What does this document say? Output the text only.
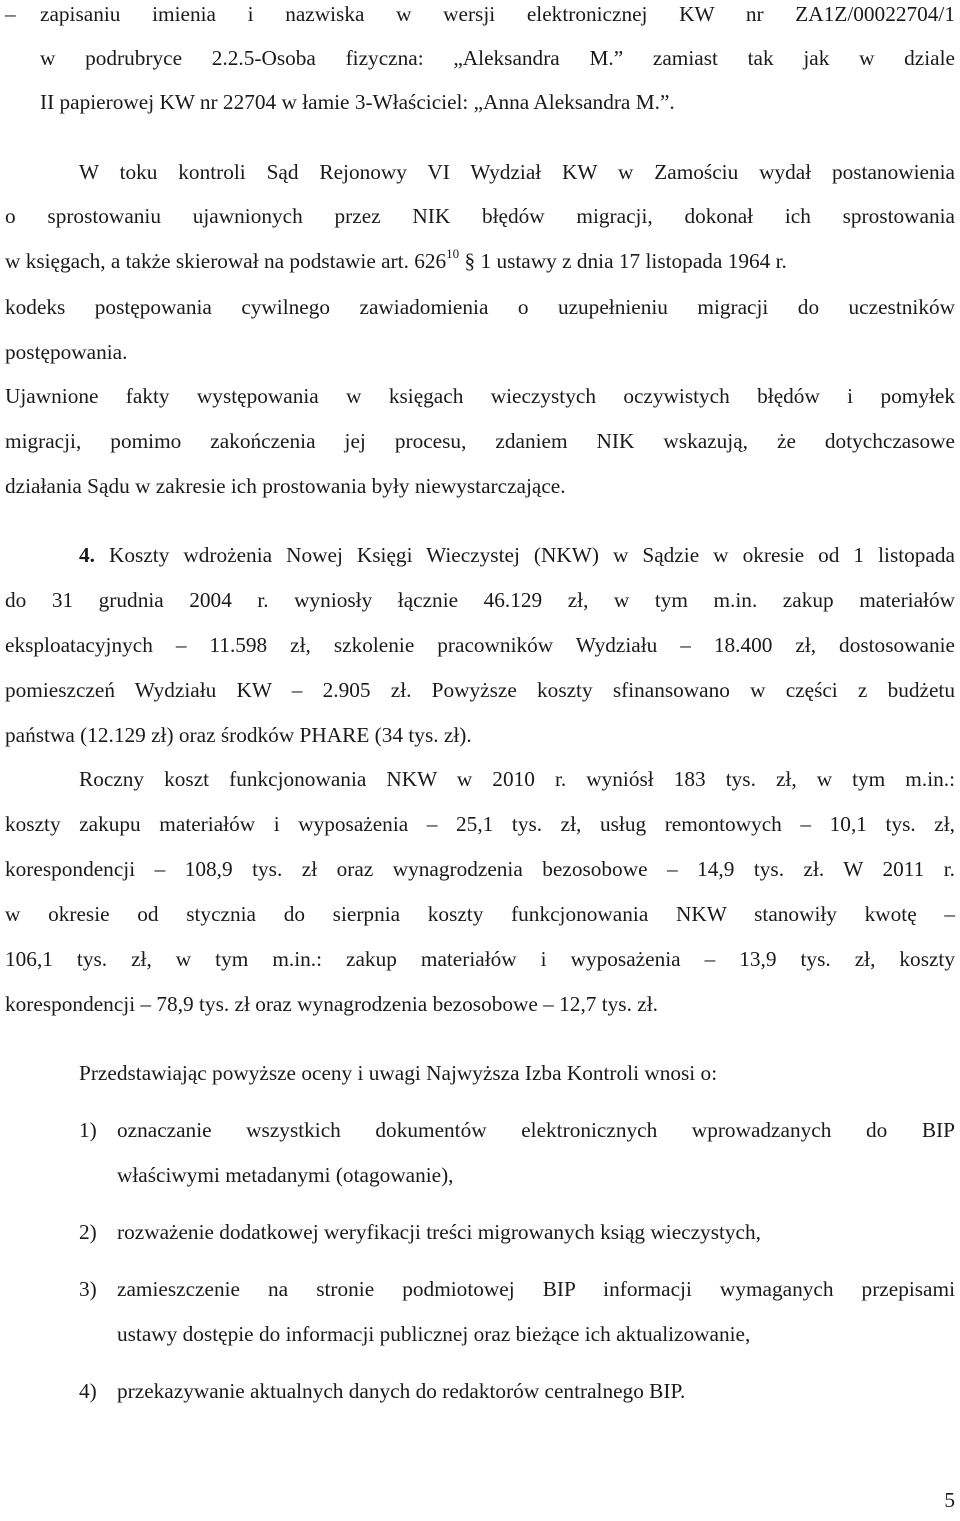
– zapisaniu imienia i nazwiska w wersji elektronicznej KW nr ZA1Z/00022704/1
w podrubryce 2.2.5-Osoba fizyczna: „Aleksandra M.” zamiast tak jak w dziale
II papierowej KW nr 22704 w łamie 3-Właściciel: „Anna Aleksandra M.”.
W toku kontroli Sąd Rejonowy VI Wydział KW w Zamościu wydał postanowienia
o sprostowaniu ujawnionych przez NIK błędów migracji, dokonał ich sprostowania
w księgach, a także skierował na podstawie art. $626^{10}$ § 1 ustawy z dnia 17 listopada 1964 r.
kodeks postępowania cywilnego zawiadomienia o uzupełnieniu migracji do uczestników
postępowania.
Ujawnione fakty występowania w księgach wieczystych oczywistych błędów i pomyłek
migracji, pomimo zakończenia jej procesu, zdaniem NIK wskazują, że dotychczasowe
działania Sądu w zakresie ich prostowania były niewystarczające.
4. Koszty wdrożenia Nowej Księgi Wieczystej (NKW) w Sądzie w okresie od 1 listopada
do 31 grudnia 2004 r. wyniosły łącznie 46.129 zł, w tym m.in. zakup materiałów
eksploatacyjnych – 11.598 zł, szkolenie pracowników Wydziału – 18.400 zł, dostosowanie
pomieszczeń Wydziału KW – 2.905 zł. Powyższe koszty sfinansowano w części z budżetu
państwa (12.129 zł) oraz środków PHARE (34 tys. zł).
Roczny koszt funkcjonowania NKW w 2010 r. wyniósł 183 tys. zł, w tym m.in.:
koszty zakupu materiałów i wyposażenia – 25,1 tys. zł, usług remontowych – 10,1 tys. zł,
korespondencji – 108,9 tys. zł oraz wynagrodzenia bezosobowe – 14,9 tys. zł. W 2011 r.
w okresie od stycznia do sierpnia koszty funkcjonowania NKW stanowiły kwotę –
106,1 tys. zł, w tym m.in.: zakup materiałów i wyposażenia – 13,9 tys. zł, koszty
korespondencji – 78,9 tys. zł oraz wynagrodzenia bezosobowe – 12,7 tys. zł.
Przedstawiając powyższe oceny i uwagi Najwyższa Izba Kontroli wnosi o:
1) oznaczanie wszystkich dokumentów elektronicznych wprowadzanych do BIP
właściwymi metadanymi (otagowanie),
2) rozważenie dodatkowej weryfikacji treści migrowanych ksiąg wieczystych,
3) zamieszczenie na stronie podmiotowej BIP informacji wymaganych przepisami
ustawy dostępie do informacji publicznej oraz bieżące ich aktualizowanie,
4) przekazywanie aktualnych danych do redaktorów centralnego BIP.
5
